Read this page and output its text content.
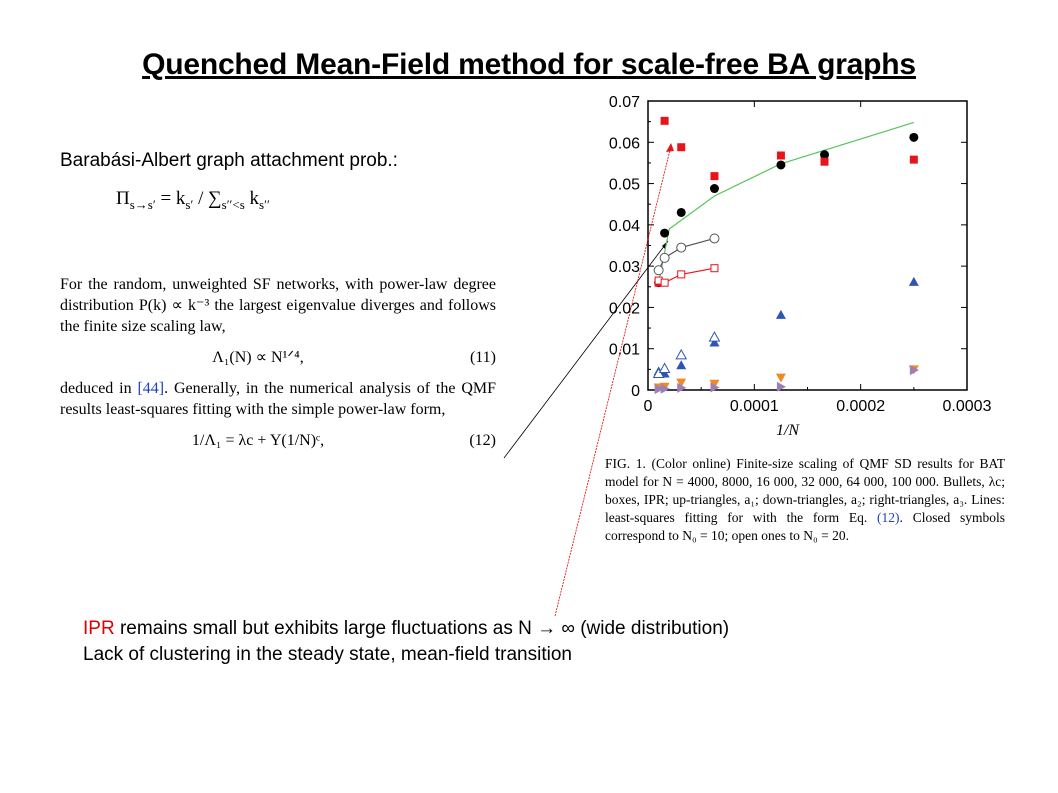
Quenched Mean-Field method for scale-free BA graphs
Barabási-Albert graph attachment prob.:
$\Pi_{s\to s'} = k_{s'} / \sum_{s''<s}$ $k_{s''}$

For the random, unweighted SF networks, with power-law degree distribution P(k) ∝ k⁻³ the largest eigenvalue diverges and follows the finite size scaling law,

Λ₁(N) ∝ N¹ᐟ⁴,	(11)

deduced in [44]. Generally, in the numerical analysis of the QMF results least-squares fitting with the simple power-law form,

1/Λ₁ = λc + Y(1/N)ᶜ,	(12)
0
0.01
0.02
0.03
0.04
0.05
0.06
0.07
0	0.0001	0.0002	0.0003
1/N
FIG. 1. (Color online) Finite-size scaling of QMF SD results for BAT model for N = 4000, 8000, 16 000, 32 000, 64 000, 100 000. Bullets, λc; boxes, IPR; up-triangles, a₁; down-triangles, a₂; right-triangles, a₃. Lines: least-squares fitting for with the form Eq. (12). Closed symbols correspond to N₀ = 10; open ones to N₀ = 20.
IPR remains small but exhibits large fluctuations as N → ∞ (wide distribution)
Lack of clustering in the steady state, mean-field transition
